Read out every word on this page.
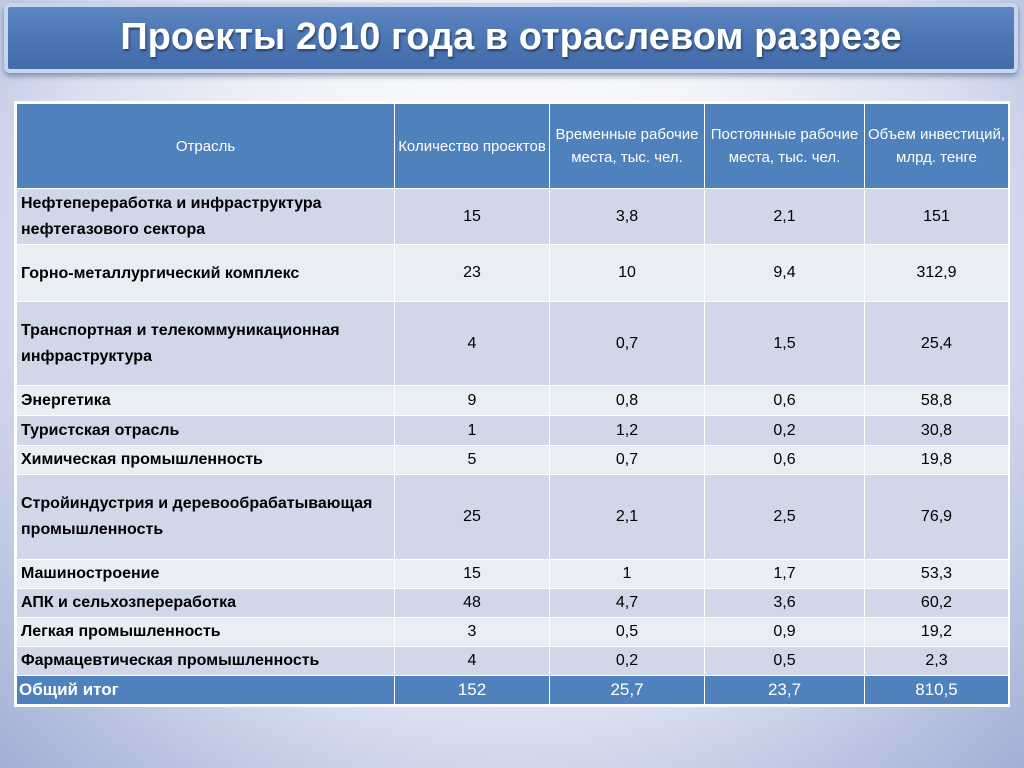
Проекты 2010 года в отраслевом разрезе
Отрасль	Количество проектов	Временные рабочие места, тыс. чел.	Постоянные рабочие места, тыс. чел.	Объем инвестиций, млрд. тенге
Нефтепереработка и инфраструктура нефтегазового сектора	15	3,8	2,1	151
Горно-металлургический комплекс	23	10	9,4	312,9
Транспортная и телекоммуникационная инфраструктура	4	0,7	1,5	25,4
Энергетика	9	0,8	0,6	58,8
Туристская отрасль	1	1,2	0,2	30,8
Химическая промышленность	5	0,7	0,6	19,8
Стройиндустрия и деревообрабатывающая промышленность	25	2,1	2,5	76,9
Машиностроение	15	1	1,7	53,3
АПК и сельхозпереработка	48	4,7	3,6	60,2
Легкая промышленность	3	0,5	0,9	19,2
Фармацевтическая промышленность	4	0,2	0,5	2,3
Общий итог	152	25,7	23,7	810,5
